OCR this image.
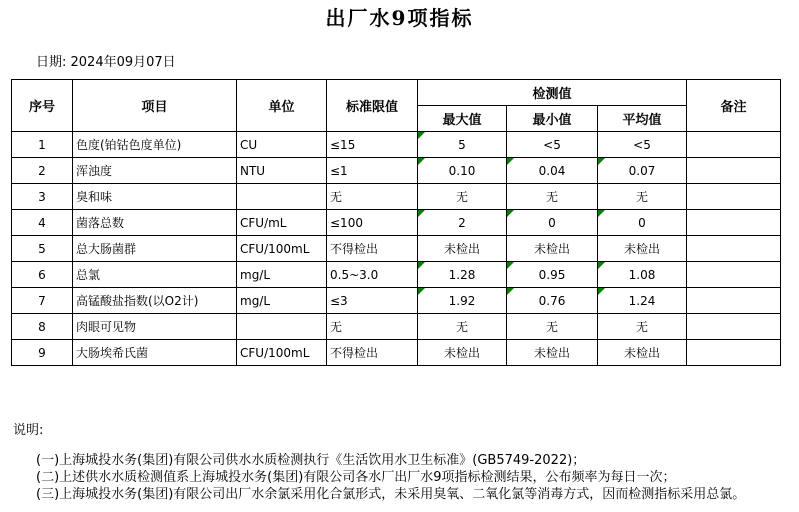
出厂水9项指标
日期: 2024年09月07日
序号	项目	单位	标准限值	检测值			备注
				最大值	最小值	平均值	
1	色度(铂钴色度单位)	CU	≤15	5	<5	<5	
2	浑浊度	NTU	≤1	0.10	0.04	0.07

3	臭和味		无	无	无	无	
4	菌落总数	CFU/mL	≤100	2	0	0

5	总大肠菌群	CFU/100mL	不得检出	未检出	未检出	未检出	
6	总氯	mg/L	0.5~3.0	1.28	0.95	1.08

7	高锰酸盐指数(以O2计)	mg/L	≤3	1.92	0.76	1.24

8	肉眼可见物		无	无	无	无	
9	大肠埃希氏菌	CFU/100mL	不得检出	未检出	未检出	未检出	
说明:
(一)上海城投水务(集团)有限公司供水水质检测执行《生活饮用水卫生标准》(GB5749-2022)；
(二)上述供水水质检测值系上海城投水务(集团)有限公司各水厂出厂水9项指标检测结果，公布频率为每日一次；
(三)上海城投水务(集团)有限公司出厂水余氯采用化合氯形式，未采用臭氧、二氧化氯等消毒方式，因而检测指标采用总氯。
